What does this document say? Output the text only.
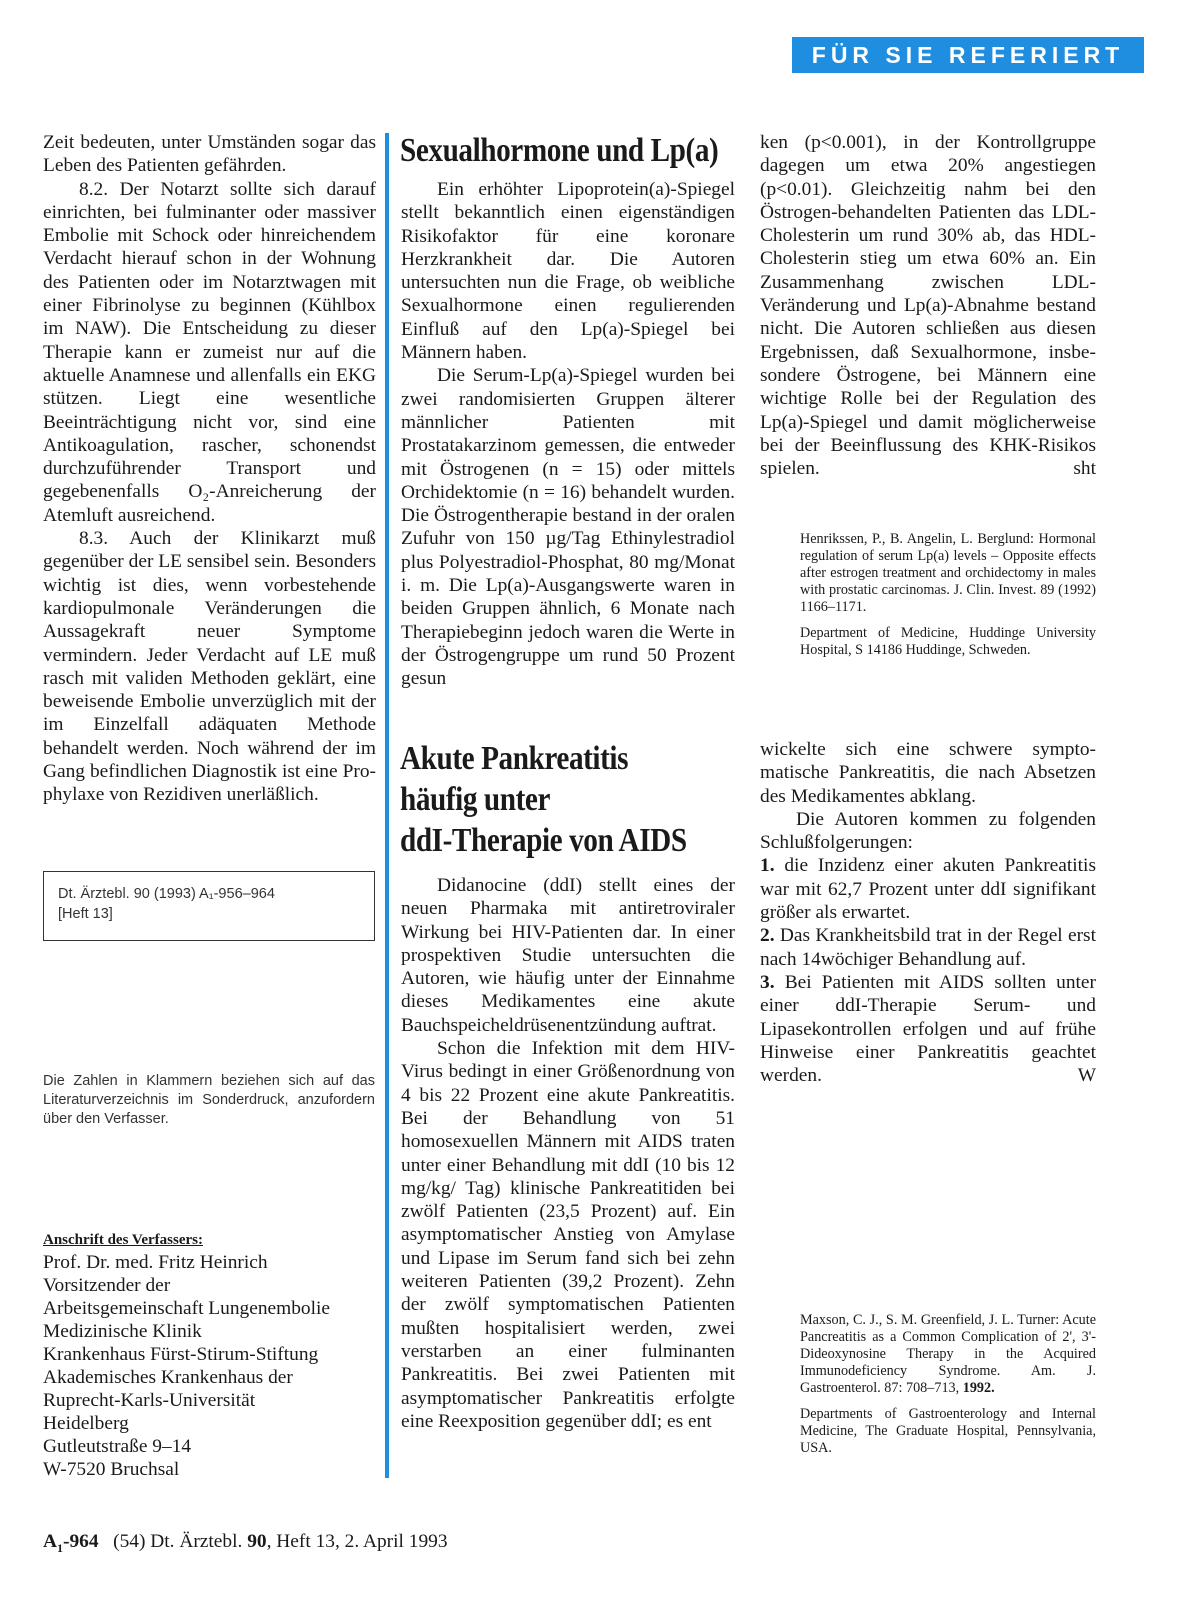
FÜR SIE REFERIERT

Zeit bedeuten, unter Umständen sogar das Leben des Patienten gefährden.

8.2. Der Notarzt sollte sich darauf einrichten, bei fulminanter oder massiver Embolie mit Schock oder hinreichendem Verdacht hierauf schon in der Wohnung des Patienten oder im Notarztwagen mit einer Fibrinolyse zu beginnen (Kühlbox im NAW). Die Entscheidung zu dieser Therapie kann er zumeist nur auf die aktuelle Anamnese und allenfalls ein EKG stützen. Liegt eine wesentliche Beeinträchtigung nicht vor, sind eine Antikoagulation, rascher, schonendst durchzuführender Transport und gegebenenfalls O₂-Anreicherung der Atemluft ausreichend.

8.3. Auch der Klinikarzt muß gegenüber der LE sensibel sein. Besonders wichtig ist dies, wenn vorbestehende kardiopulmonale Veränderungen die Aussagekraft neuer Symptome vermindern. Jeder Verdacht auf LE muß rasch mit validen Methoden geklärt, eine beweisende Embolie unverzüglich mit der im Einzelfall adäquaten Methode behandelt werden. Noch während der im Gang befindlichen Diagnostik ist eine Prophylaxe von Rezidiven unerläßlich.

Dt. Ärztebl. 90 (1993) A₁-956–964
[Heft 13]
Die Zahlen in Klammern beziehen sich auf das Literaturverzeichnis im Sonderdruck, anzufordern über den Verfasser.
Anschrift des Verfassers:
Prof. Dr. med. Fritz Heinrich
Vorsitzender der
Arbeitsgemeinschaft Lungenembolie
Medizinische Klinik
Krankenhaus Fürst-Stirum-Stiftung
Akademisches Krankenhaus der
Ruprecht-Karls-Universität
Heidelberg
Gutleutstraße 9–14
W-7520 Bruchsal
Sexualhormone und Lp(a)

Ein erhöhter Lipoprotein(a)-Spiegel stellt bekanntlich einen eigenständigen Risikofaktor für eine koronare Herzkrankheit dar. Die Autoren untersuchten nun die Frage, ob weibliche Sexualhormone einen regulierenden Einfluß auf den Lp(a)-Spiegel bei Männern haben.

Die Serum-Lp(a)-Spiegel wurden bei zwei randomisierten Gruppen älterer männlicher Patienten mit Prostatakarzinom gemessen, die entweder mit Östrogenen (n = 15) oder mittels Orchidektomie (n = 16) behandelt wurden. Die Östrogentherapie bestand in der oralen Zufuhr von 150 µg/Tag Ethinylestradiol plus Polyestradiol-Phosphat, 80 mg/Monat i. m. Die Lp(a)-Ausgangswerte waren in beiden Gruppen ähnlich, 6 Monate nach Therapiebeginn jedoch waren die Werte in der Östrogengruppe um rund 50 Prozent gesun

ken (p<0.001), in der Kontrollgruppe dagegen um etwa 20% angestiegen (p<0.01). Gleichzeitig nahm bei den Östrogen-behandelten Patienten das LDL-Cholesterin um rund 30% ab, das HDL-Cholesterin stieg um etwa 60% an. Ein Zusammenhang zwischen LDL-Veränderung und Lp(a)-Abnahme bestand nicht. Die Autoren schließen aus diesen Ergebnissen, daß Sexualhormone, insbesondere Östrogene, bei Männern eine wichtige Rolle bei der Regulation des Lp(a)-Spiegel und damit möglicherweise bei der Beeinflussung des KHK-Risikos spielen.	sht

Henrikssen, P., B. Angelin, L. Berglund: Hormonal regulation of serum Lp(a) levels – Opposite effects after estrogen treatment and orchidectomy in males with prostatic carcinomas. J. Clin. Invest. 89 (1992) 1166–1171.

Department of Medicine, Huddinge University Hospital, S 14186 Huddinge, Schweden.

Akute Pankreatitis
häufig unter
ddI-Therapie von AIDS

Didanocine (ddI) stellt eines der neuen Pharmaka mit antiretroviraler Wirkung bei HIV-Patienten dar. In einer prospektiven Studie untersuchten die Autoren, wie häufig unter der Einnahme dieses Medikamentes eine akute Bauchspeicheldrüsenentzündung auftrat.

Schon die Infektion mit dem HIV-Virus bedingt in einer Größenordnung von 4 bis 22 Prozent eine akute Pankreatitis. Bei der Behandlung von 51 homosexuellen Männern mit AIDS traten unter einer Behandlung mit ddI (10 bis 12 mg/kg/ Tag) klinische Pankreatitiden bei zwölf Patienten (23,5 Prozent) auf. Ein asymptomatischer Anstieg von Amylase und Lipase im Serum fand sich bei zehn weiteren Patienten (39,2 Prozent). Zehn der zwölf symptomatischen Patienten mußten hospitalisiert werden, zwei verstarben an einer fulminanten Pankreatitis. Bei zwei Patienten mit asymptomatischer Pankreatitis erfolgte eine Reexposition gegenüber ddI; es ent

wickelte sich eine schwere symptomatische Pankreatitis, die nach Absetzen des Medikamentes abklang.

Die Autoren kommen zu folgenden Schlußfolgerungen:

1. die Inzidenz einer akuten Pankreatitis war mit 62,7 Prozent unter ddI signifikant größer als erwartet.

2. Das Krankheitsbild trat in der Regel erst nach 14wöchiger Behandlung auf.

3. Bei Patienten mit AIDS sollten unter einer ddI-Therapie Serum- und Lipasekontrollen erfolgen und auf frühe Hinweise einer Pankreatitis geachtet werden.	W

Maxson, C. J., S. M. Greenfield, J. L. Turner: Acute Pancreatitis as a Common Complication of 2', 3'-Dideoxynosine Therapy in the Acquired Immunodeficiency Syndrome. Am. J. Gastroenterol. 87: 708–713, 1992.

Departments of Gastroenterology and Internal Medicine, The Graduate Hospital, Pennsylvania, USA.

$A_1-964$ (54) Dt. Ärztebl. 90, Heft 13, 2. April 1993
